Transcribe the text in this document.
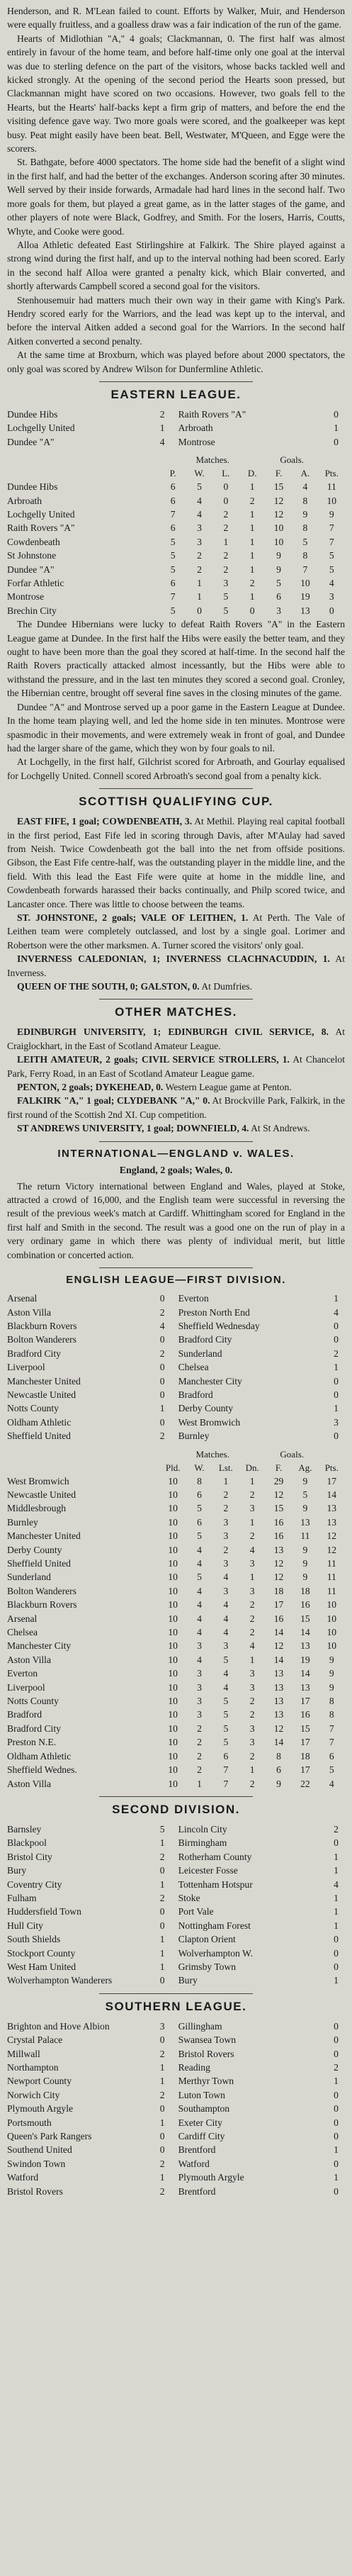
Henderson, and R. M'Lean failed to count. Efforts by Walker, Muir, and Henderson were equally fruitless, and a goalless draw was a fair indication of the run of the game.

Hearts of Midlothian "A," 4 goals; Clackmannan, 0. The first half was almost entirely in favour of the home team, and before half-time only one goal at the interval was due to sterling defence on the part of the visitors, whose backs tackled well and kicked strongly. At the opening of the second period the Hearts soon pressed, but Clackmannan might have scored on two occasions. However, two goals fell to the Hearts, but the Hearts' half-backs kept a firm grip of matters, and before the end the visiting defence gave way. Two more goals were scored, and the goalkeeper was kept busy. Peat might easily have been beat. Bell, Westwater, M'Queen, and Egge were the scorers.

St. Bathgate, before 4000 spectators. The home side had the benefit of a slight wind in the first half, and had the better of the exchanges. Anderson scoring after 30 minutes. Well served by their inside forwards, Armadale had hard lines in the second half. Two more goals for them, but played a great game, as in the latter stages of the game, and other players of note were Black, Godfrey, and Smith. For the losers, Harris, Coutts, Whyte, and Cooke were good.

Alloa Athletic defeated East Stirlingshire at Falkirk. The Shire played against a strong wind during the first half, and up to the interval nothing had been scored. Early in the second half Alloa were granted a penalty kick, which Blair converted, and shortly afterwards Campbell scored a second goal for the visitors.

Stenhousemuir had matters much their own way in their game with King's Park. Hendry scored early for the Warriors, and the lead was kept up to the interval, and before the interval Aitken added a second goal for the Warriors. In the second half Aitken converted a second penalty.

At the same time at Broxburn, which was played before about 2000 spectators, the only goal was scored by Andrew Wilson for Dunfermline Athletic.

EASTERN LEAGUE.
Dundee Hibs	2	Raith Rovers "A"	0
Lochgelly United	1	Arbroath	1
Dundee "A"	4	Montrose	0
	Matches.				Goals.		
	P.	W.	L.	D.	F.	A.	Pts.
Dundee Hibs	6	5	0	1	15	4	11
Arbroath	6	4	0	2	12	8	10
Lochgelly United	7	4	2	1	12	9	9
Raith Rovers "A"	6	3	2	1	10	8	7
Cowdenbeath	5	3	1	1	10	5	7
St Johnstone	5	2	2	1	9	8	5
Dundee "A"	5	2	2	1	9	7	5
Forfar Athletic	6	1	3	2	5	10	4
Montrose	7	1	5	1	6	19	3
Brechin City	5	0	5	0	3	13	0

The Dundee Hibernians were lucky to defeat Raith Rovers "A" in the Eastern League game at Dundee. In the first half the Hibs were easily the better team, and they ought to have been more than the goal they scored at half-time. In the second half the Raith Rovers practically attacked almost incessantly, but the Hibs were able to withstand the pressure, and in the last ten minutes they scored a second goal. Cronley, the Hibernian centre, brought off several fine saves in the closing minutes of the game.

Dundee "A" and Montrose served up a poor game in the Eastern League at Dundee. In the home team playing well, and led the home side in ten minutes. Montrose were spasmodic in their movements, and were extremely weak in front of goal, and Dundee had the larger share of the game, which they won by four goals to nil.

At Lochgelly, in the first half, Gilchrist scored for Arbroath, and Gourlay equalised for Lochgelly United. Connell scored Arbroath's second goal from a penalty kick.

SCOTTISH QUALIFYING CUP.

EAST FIFE, 1 goal; COWDENBEATH, 3. At Methil. Playing real capital football in the first period, East Fife led in scoring through Davis, after M'Aulay had saved from Neish. Twice Cowdenbeath got the ball into the net from offside positions. Gibson, the East Fife centre-half, was the outstanding player in the middle line, and the field. With this lead the East Fife were quite at home in the middle line, and Cowdenbeath forwards harassed their backs continually, and Philp scored twice, and Lancaster once. There was little to choose between the teams.

ST. JOHNSTONE, 2 goals; VALE OF LEITHEN, 1. At Perth. The Vale of Leithen team were completely outclassed, and lost by a single goal. Lorimer and Robertson were the other marksmen. A. Turner scored the visitors' only goal.

INVERNESS CALEDONIAN, 1; INVERNESS CLACHNACUDDIN, 1. At Inverness.

QUEEN OF THE SOUTH, 0; GALSTON, 0. At Dumfries.

OTHER MATCHES.

EDINBURGH UNIVERSITY, 1; EDINBURGH CIVIL SERVICE, 8. At Craiglockhart, in the East of Scotland Amateur League.

LEITH AMATEUR, 2 goals; CIVIL SERVICE STROLLERS, 1. At Chancelot Park, Ferry Road, in an East of Scotland Amateur League game.

PENTON, 2 goals; DYKEHEAD, 0. Western League game at Penton.

FALKIRK "A," 1 goal; CLYDEBANK "A," 0. At Brockville Park, Falkirk, in the first round of the Scottish 2nd XI. Cup competition.

ST ANDREWS UNIVERSITY, 1 goal; DOWNFIELD, 4. At St Andrews.

INTERNATIONAL—ENGLAND v. WALES.
England, 2 goals; Wales, 0.

The return Victory international between England and Wales, played at Stoke, attracted a crowd of 16,000, and the English team were successful in reversing the result of the previous week's match at Cardiff. Whittingham scored for England in the first half and Smith in the second. The result was a good one on the run of play in a very ordinary game in which there was plenty of individual merit, but little combination or concerted action.

ENGLISH LEAGUE—FIRST DIVISION.
Arsenal	0	Everton	1
Aston Villa	2	Preston North End	4
Blackburn Rovers	4	Sheffield Wednesday	0
Bolton Wanderers	0	Bradford City	0
Bradford City	2	Sunderland	2
Liverpool	0	Chelsea	1
Manchester United	0	Manchester City	0
Newcastle United	0	Bradford	0
Notts County	1	Derby County	1
Oldham Athletic	0	West Bromwich	3
Sheffield United	2	Burnley	0
	Matches.				Goals.		
	Pld.	W.	Lst.	Dn.	F.	Ag.	Pts.
West Bromwich	10	8	1	1	29	9	17
Newcastle United	10	6	2	2	12	5	14
Middlesbrough	10	5	2	3	15	9	13
Burnley	10	6	3	1	16	13	13
Manchester United	10	5	3	2	16	11	12
Derby County	10	4	2	4	13	9	12
Sheffield United	10	4	3	3	12	9	11
Sunderland	10	5	4	1	12	9	11
Bolton Wanderers	10	4	3	3	18	18	11
Blackburn Rovers	10	4	4	2	17	16	10
Arsenal	10	4	4	2	16	15	10
Chelsea	10	4	4	2	14	14	10
Manchester City	10	3	3	4	12	13	10
Aston Villa	10	4	5	1	14	19	9
Everton	10	3	4	3	13	14	9
Liverpool	10	3	4	3	13	13	9
Notts County	10	3	5	2	13	17	8
Bradford	10	3	5	2	13	16	8
Bradford City	10	2	5	3	12	15	7
Preston N.E.	10	2	5	3	14	17	7
Oldham Athletic	10	2	6	2	8	18	6
Sheffield Wednes.	10	2	7	1	6	17	5
Aston Villa	10	1	7	2	9	22	4
SECOND DIVISION.
Barnsley	5	Lincoln City	2
Blackpool	1	Birmingham	0
Bristol City	2	Rotherham County	1
Bury	0	Leicester Fosse	1
Coventry City	1	Tottenham Hotspur	4
Fulham	2	Stoke	1
Huddersfield Town	0	Port Vale	1
Hull City	0	Nottingham Forest	1
South Shields	1	Clapton Orient	0
Stockport County	1	Wolverhampton W.	0
West Ham United	1	Grimsby Town	0
Wolverhampton Wanderers	0	Bury	1
SOUTHERN LEAGUE.
Brighton and Hove Albion	3	Gillingham	0
Crystal Palace	0	Swansea Town	0
Millwall	2	Bristol Rovers	0
Northampton	1	Reading	2
Newport County	1	Merthyr Town	1
Norwich City	2	Luton Town	0
Plymouth Argyle	0	Southampton	0
Portsmouth	1	Exeter City	0
Queen's Park Rangers	0	Cardiff City	0
Southend United	0	Brentford	1
Swindon Town	2	Watford	0
Watford	1	Plymouth Argyle	1
Bristol Rovers	2	Brentford	0
